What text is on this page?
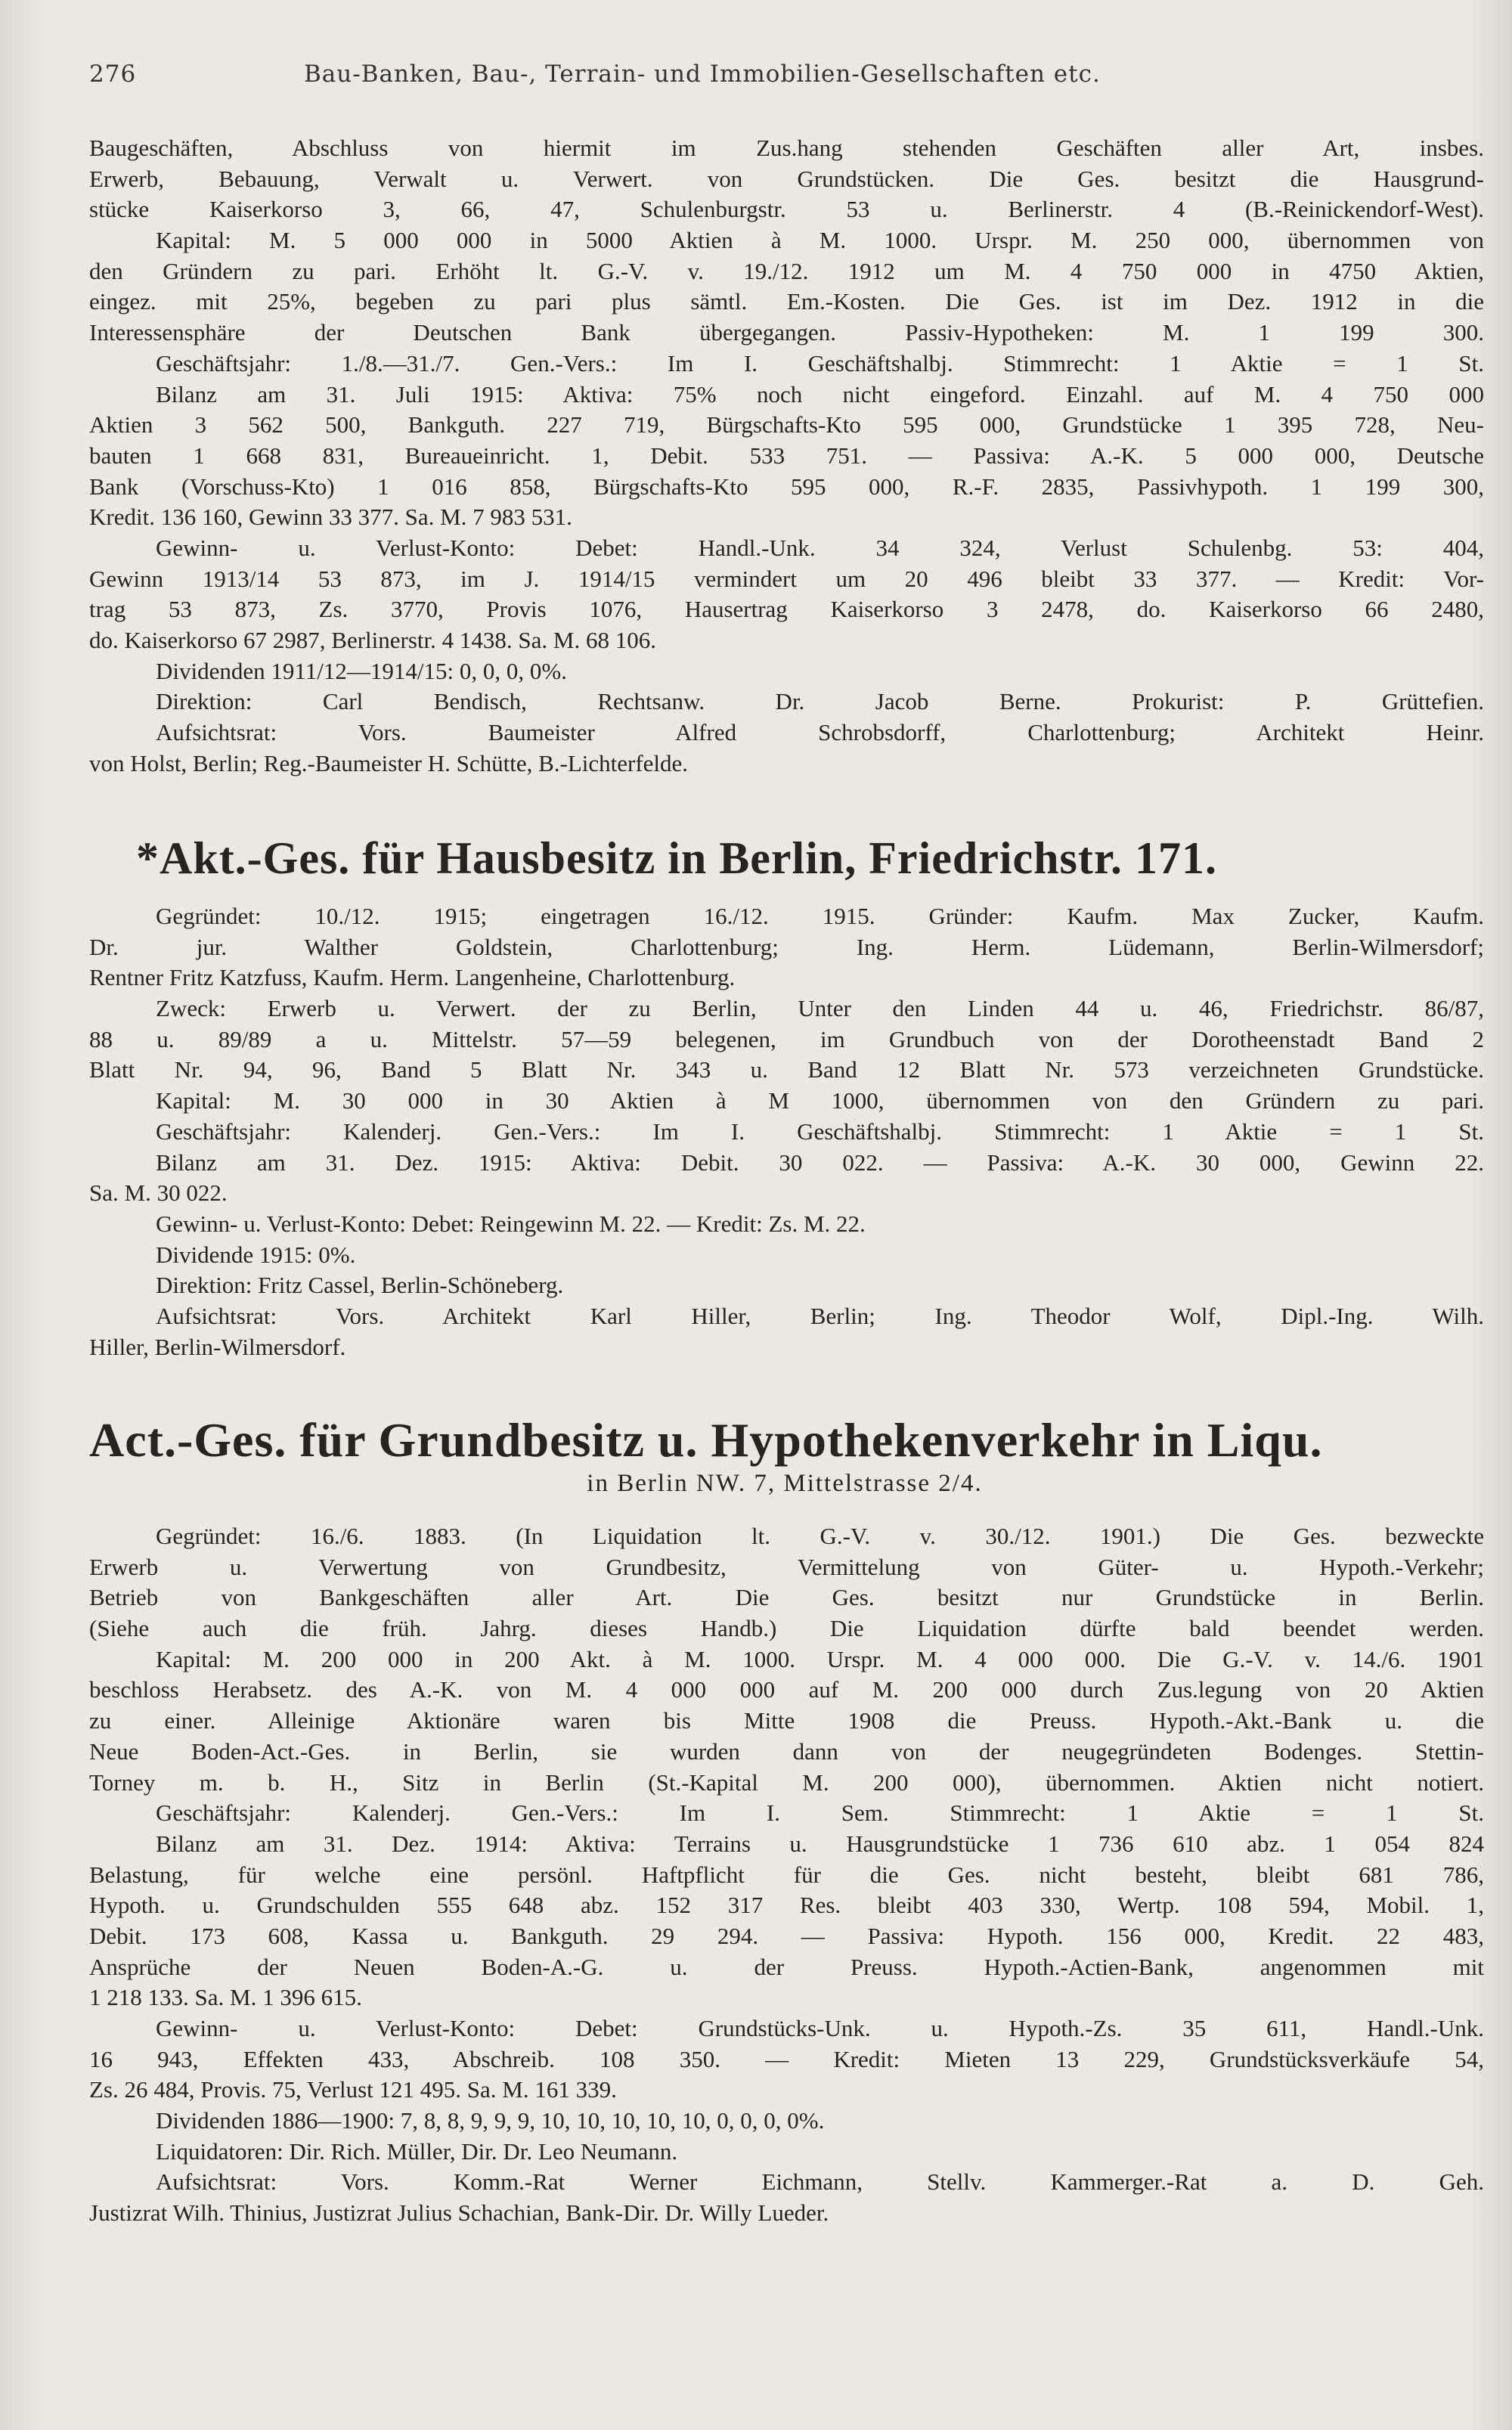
276	Bau-Banken, Bau-, Terrain- und Immobilien-Gesellschaften etc.
Baugeschäften, Abschluss von hiermit im Zus.hang stehenden Geschäften aller Art, insbes.
Erwerb, Bebauung, Verwalt u. Verwert. von Grundstücken. Die Ges. besitzt die Hausgrund-
stücke Kaiserkorso 3, 66, 47, Schulenburgstr. 53 u. Berlinerstr. 4 (B.-Reinickendorf-West).
Kapital: M. 5 000 000 in 5000 Aktien à M. 1000. Urspr. M. 250 000, übernommen von
den Gründern zu pari. Erhöht lt. G.-V. v. 19./12. 1912 um M. 4 750 000 in 4750 Aktien,
eingez. mit 25%, begeben zu pari plus sämtl. Em.-Kosten. Die Ges. ist im Dez. 1912 in die
Interessensphäre der Deutschen Bank übergegangen. Passiv-Hypotheken: M. 1 199 300.
Geschäftsjahr: 1./8.—31./7. Gen.-Vers.: Im I. Geschäftshalbj. Stimmrecht: 1 Aktie = 1 St.
Bilanz am 31. Juli 1915: Aktiva: 75% noch nicht eingeford. Einzahl. auf M. 4 750 000
Aktien 3 562 500, Bankguth. 227 719, Bürgschafts-Kto 595 000, Grundstücke 1 395 728, Neu-
bauten 1 668 831, Bureaueinricht. 1, Debit. 533 751. — Passiva: A.-K. 5 000 000, Deutsche
Bank (Vorschuss-Kto) 1 016 858, Bürgschafts-Kto 595 000, R.-F. 2835, Passivhypoth. 1 199 300,
Kredit. 136 160, Gewinn 33 377. Sa. M. 7 983 531.
Gewinn- u. Verlust-Konto: Debet: Handl.-Unk. 34 324, Verlust Schulenbg. 53: 404,
Gewinn 1913/14 53 873, im J. 1914/15 vermindert um 20 496 bleibt 33 377. — Kredit: Vor-
trag 53 873, Zs. 3770, Provis 1076, Hausertrag Kaiserkorso 3 2478, do. Kaiserkorso 66 2480,
do. Kaiserkorso 67 2987, Berlinerstr. 4 1438. Sa. M. 68 106.
Dividenden 1911/12—1914/15: 0, 0, 0, 0%.
Direktion: Carl Bendisch, Rechtsanw. Dr. Jacob Berne. Prokurist: P. Grüttefien.
Aufsichtsrat: Vors. Baumeister Alfred Schrobsdorff, Charlottenburg; Architekt Heinr.
von Holst, Berlin; Reg.-Baumeister H. Schütte, B.-Lichterfelde.
*Akt.-Ges. für Hausbesitz in Berlin, Friedrichstr. 171.
Gegründet: 10./12. 1915; eingetragen 16./12. 1915. Gründer: Kaufm. Max Zucker, Kaufm.
Dr. jur. Walther Goldstein, Charlottenburg; Ing. Herm. Lüdemann, Berlin-Wilmersdorf;
Rentner Fritz Katzfuss, Kaufm. Herm. Langenheine, Charlottenburg.
Zweck: Erwerb u. Verwert. der zu Berlin, Unter den Linden 44 u. 46, Friedrichstr. 86/87,
88 u. 89/89 a u. Mittelstr. 57—59 belegenen, im Grundbuch von der Dorotheenstadt Band 2
Blatt Nr. 94, 96, Band 5 Blatt Nr. 343 u. Band 12 Blatt Nr. 573 verzeichneten Grundstücke.
Kapital: M. 30 000 in 30 Aktien à M 1000, übernommen von den Gründern zu pari.
Geschäftsjahr: Kalenderj. Gen.-Vers.: Im I. Geschäftshalbj. Stimmrecht: 1 Aktie = 1 St.
Bilanz am 31. Dez. 1915: Aktiva: Debit. 30 022. — Passiva: A.-K. 30 000, Gewinn 22.
Sa. M. 30 022.
Gewinn- u. Verlust-Konto: Debet: Reingewinn M. 22. — Kredit: Zs. M. 22.
Dividende 1915: 0%.
Direktion: Fritz Cassel, Berlin-Schöneberg.
Aufsichtsrat: Vors. Architekt Karl Hiller, Berlin; Ing. Theodor Wolf, Dipl.-Ing. Wilh.
Hiller, Berlin-Wilmersdorf.
Act.-Ges. für Grundbesitz u. Hypothekenverkehr in Liqu.
in Berlin NW. 7, Mittelstrasse 2/4.
Gegründet: 16./6. 1883. (In Liquidation lt. G.-V. v. 30./12. 1901.) Die Ges. bezweckte
Erwerb u. Verwertung von Grundbesitz, Vermittelung von Güter- u. Hypoth.-Verkehr;
Betrieb von Bankgeschäften aller Art. Die Ges. besitzt nur Grundstücke in Berlin.
(Siehe auch die früh. Jahrg. dieses Handb.) Die Liquidation dürfte bald beendet werden.
Kapital: M. 200 000 in 200 Akt. à M. 1000. Urspr. M. 4 000 000. Die G.-V. v. 14./6. 1901
beschloss Herabsetz. des A.-K. von M. 4 000 000 auf M. 200 000 durch Zus.legung von 20 Aktien
zu einer. Alleinige Aktionäre waren bis Mitte 1908 die Preuss. Hypoth.-Akt.-Bank u. die
Neue Boden-Act.-Ges. in Berlin, sie wurden dann von der neugegründeten Bodenges. Stettin-
Torney m. b. H., Sitz in Berlin (St.-Kapital M. 200 000), übernommen. Aktien nicht notiert.
Geschäftsjahr: Kalenderj. Gen.-Vers.: Im I. Sem. Stimmrecht: 1 Aktie = 1 St.
Bilanz am 31. Dez. 1914: Aktiva: Terrains u. Hausgrundstücke 1 736 610 abz. 1 054 824
Belastung, für welche eine persönl. Haftpflicht für die Ges. nicht besteht, bleibt 681 786,
Hypoth. u. Grundschulden 555 648 abz. 152 317 Res. bleibt 403 330, Wertp. 108 594, Mobil. 1,
Debit. 173 608, Kassa u. Bankguth. 29 294. — Passiva: Hypoth. 156 000, Kredit. 22 483,
Ansprüche der Neuen Boden-A.-G. u. der Preuss. Hypoth.-Actien-Bank, angenommen mit
1 218 133. Sa. M. 1 396 615.
Gewinn- u. Verlust-Konto: Debet: Grundstücks-Unk. u. Hypoth.-Zs. 35 611, Handl.-Unk.
16 943, Effekten 433, Abschreib. 108 350. — Kredit: Mieten 13 229, Grundstücksverkäufe 54,
Zs. 26 484, Provis. 75, Verlust 121 495. Sa. M. 161 339.
Dividenden 1886—1900: 7, 8, 8, 9, 9, 9, 10, 10, 10, 10, 10, 0, 0, 0, 0%.
Liquidatoren: Dir. Rich. Müller, Dir. Dr. Leo Neumann.
Aufsichtsrat: Vors. Komm.-Rat Werner Eichmann, Stellv. Kammerger.-Rat a. D. Geh.
Justizrat Wilh. Thinius, Justizrat Julius Schachian, Bank-Dir. Dr. Willy Lueder.
